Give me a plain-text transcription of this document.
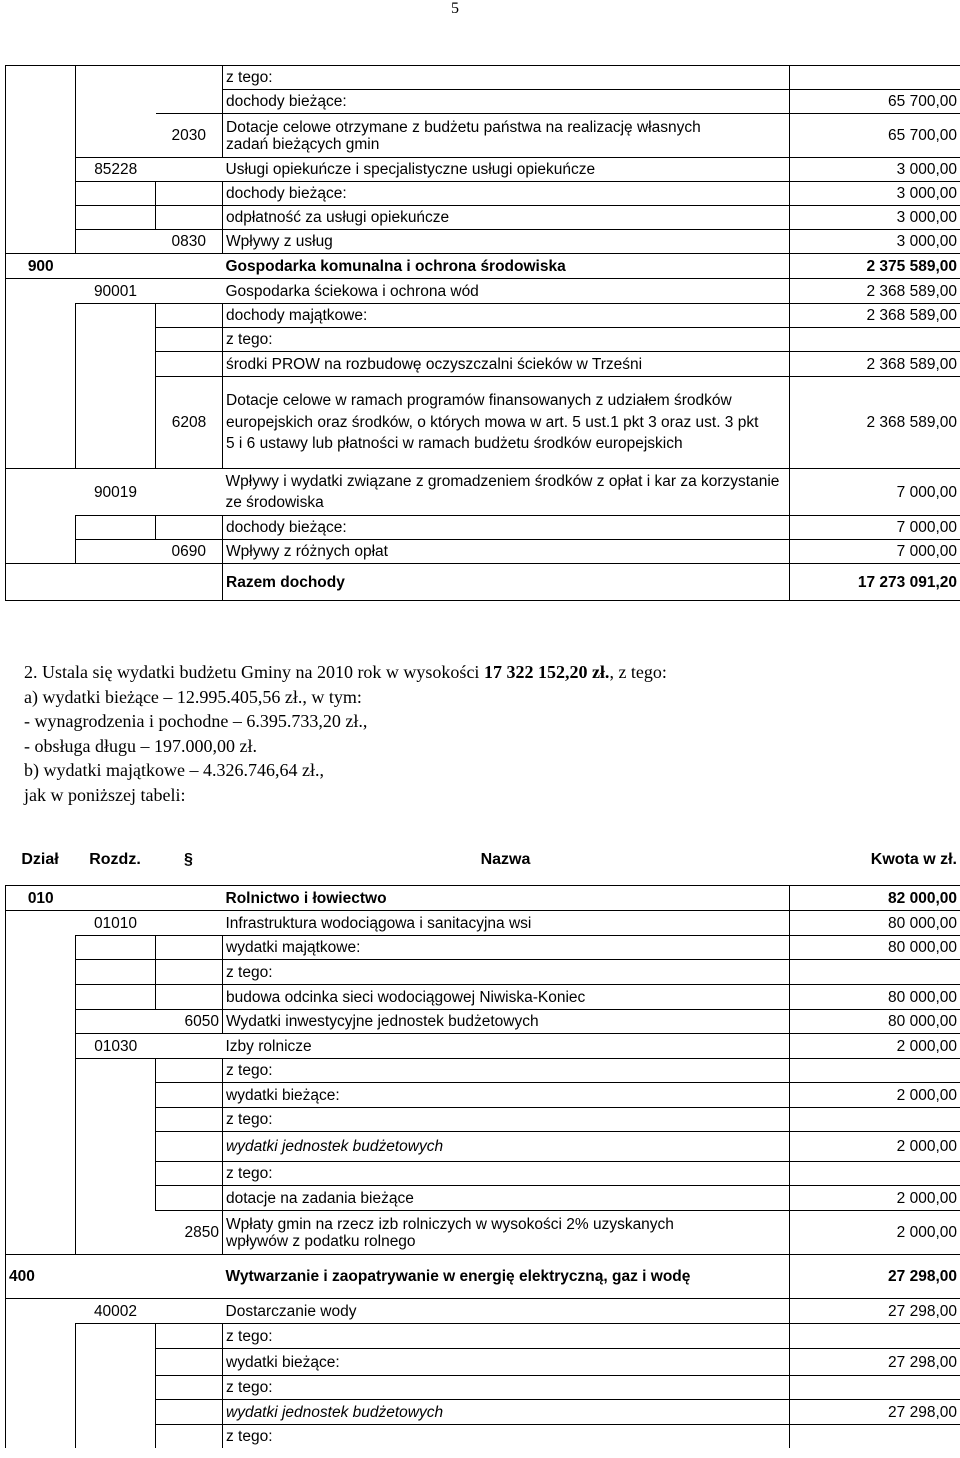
5
			z tego:	
			dochody bieżące:	65 700,00
		2030	Dotacje celowe otrzymane z budżetu państwa na realizację własnych zadań bieżących gmin	65 700,00
	85228		Usługi opiekuńcze i specjalistyczne usługi opiekuńcze	3 000,00
			dochody bieżące:	3 000,00
			odpłatność za usługi opiekuńcze	3 000,00
		0830	Wpływy z usług	3 000,00
900			Gospodarka komunalna i ochrona środowiska	2 375 589,00
	90001		Gospodarka ściekowa i ochrona wód	2 368 589,00
			dochody majątkowe:	2 368 589,00
			z tego:	
			środki PROW na rozbudowę oczyszczalni ścieków w Trześni	2 368 589,00
		6208	Dotacje celowe w ramach programów finansowanych z udziałem środków europejskich oraz środków, o których mowa w art. 5 ust.1 pkt 3 oraz ust. 3 pkt 5 i 6 ustawy lub płatności w ramach budżetu środków europejskich	2 368 589,00
	90019		Wpływy i wydatki związane z gromadzeniem środków z opłat i kar za korzystanie ze środowiska	7 000,00
			dochody bieżące:	7 000,00
		0690	Wpływy z różnych opłat	7 000,00
			Razem dochody	17 273 091,20
2. Ustala się wydatki budżetu Gminy na 2010 rok w wysokości 17 322 152,20 zł., z tego:
a) wydatki bieżące – 12.995.405,56 zł., w tym:
- wynagrodzenia i pochodne – 6.395.733,20 zł.,
- obsługa długu – 197.000,00 zł.
b) wydatki majątkowe – 4.326.746,64 zł.,
jak w poniższej tabeli:
Dział	Rozdz.	§	Nazwa	Kwota w zł.
010			Rolnictwo i łowiectwo	82 000,00
	01010		Infrastruktura wodociągowa i sanitacyjna wsi	80 000,00
			wydatki majątkowe:	80 000,00
			z tego:	
			budowa odcinka sieci wodociągowej Niwiska-Koniec	80 000,00
		6050	Wydatki inwestycyjne jednostek budżetowych	80 000,00
	01030		Izby rolnicze	2 000,00
			z tego:	
			wydatki bieżące:	2 000,00
			z tego:	
			wydatki jednostek budżetowych	2 000,00
			z tego:	
			dotacje na zadania bieżące	2 000,00
		2850	Wpłaty gmin na rzecz izb rolniczych w wysokości 2% uzyskanych wpływów z podatku rolnego	2 000,00
400			Wytwarzanie i zaopatrywanie w energię elektryczną, gaz i wodę	27 298,00
	40002		Dostarczanie wody	27 298,00
			z tego:	
			wydatki bieżące:	27 298,00
			z tego:	
			wydatki jednostek budżetowych	27 298,00
			z tego:	
